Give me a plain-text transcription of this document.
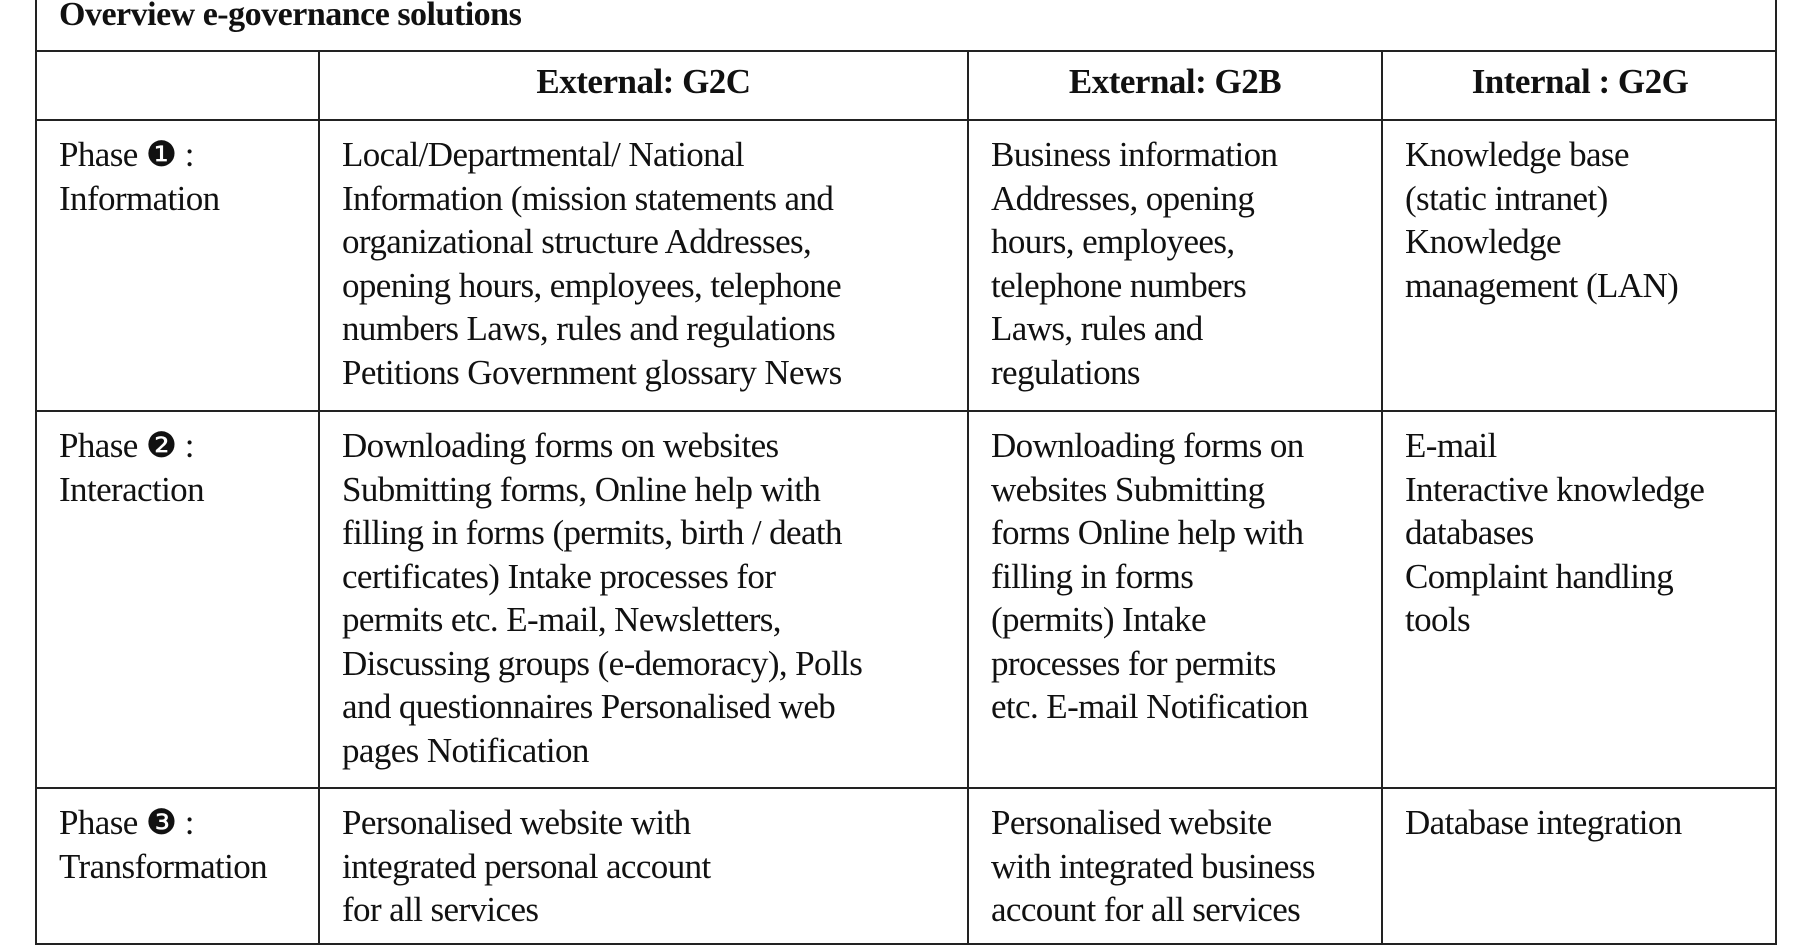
Overview e-governance solutions
External: G2C	External: G2B	Internal : G2G
Phase ❶ :
Information
Local/Departmental/ National
Information (mission statements and
organizational structure Addresses,
opening hours, employees, telephone
numbers Laws, rules and regulations
Petitions Government glossary News
Business information
Addresses, opening
hours, employees,
telephone numbers
Laws, rules and
regulations
Knowledge base
(static intranet)
Knowledge
management (LAN)
Phase ❷ :
Interaction
Downloading forms on websites
Submitting forms, Online help with
filling in forms (permits, birth / death
certificates) Intake processes for
permits etc. E-mail, Newsletters,
Discussing groups (e-demoracy), Polls
and questionnaires Personalised web
pages Notification
Downloading forms on
websites Submitting
forms Online help with
filling in forms
(permits) Intake
processes for permits
etc. E-mail Notification
E-mail
Interactive knowledge
databases
Complaint handling
tools
Phase ❸ :
Transformation
Personalised website with
integrated personal account
for all services
Personalised website
with integrated business
account for all services
Database integration
